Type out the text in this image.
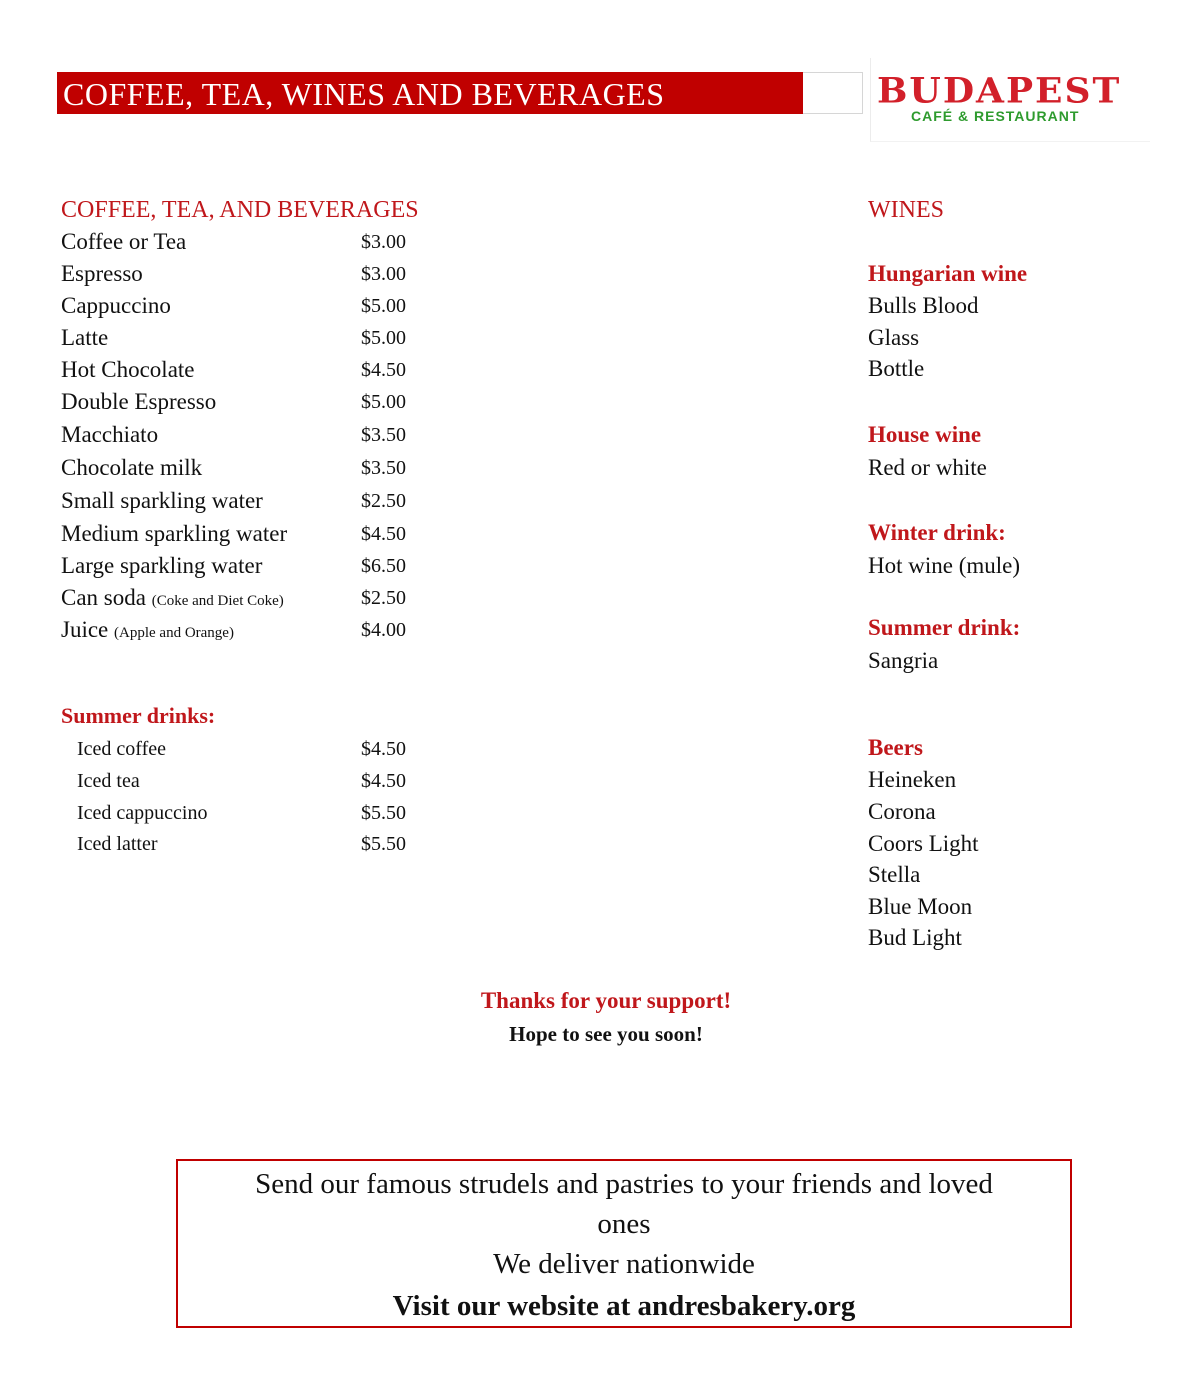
COFFEE, TEA, WINES AND BEVERAGES	BUDAPEST
CAFÉ & RESTAURANT
COFFEE, TEA, AND BEVERAGES
Coffee or Tea	$3.00
Espresso	$3.00
Cappuccino	$5.00
Latte	$5.00
Hot Chocolate	$4.50
Double Espresso	$5.00
Macchiato	$3.50
Chocolate milk	$3.50
Small sparkling water	$2.50
Medium sparkling water	$4.50
Large sparkling water	$6.50
Can soda (Coke and Diet Coke)	$2.50
Juice (Apple and Orange)	$4.00
Summer drinks:
Iced coffee	$4.50
Iced tea	$4.50
Iced cappuccino	$5.50
Iced latter	$5.50
WINES
Hungarian wine
Bulls Blood
Glass
Bottle
House wine
Red or white
Winter drink:
Hot wine (mule)
Summer drink:
Sangria
Beers
Heineken
Corona
Coors Light
Stella
Blue Moon
Bud Light
Thanks for your support!
Hope to see you soon!
Send our famous strudels and pastries to your friends and loved
ones
We deliver nationwide
Visit our website at andresbakery.org
